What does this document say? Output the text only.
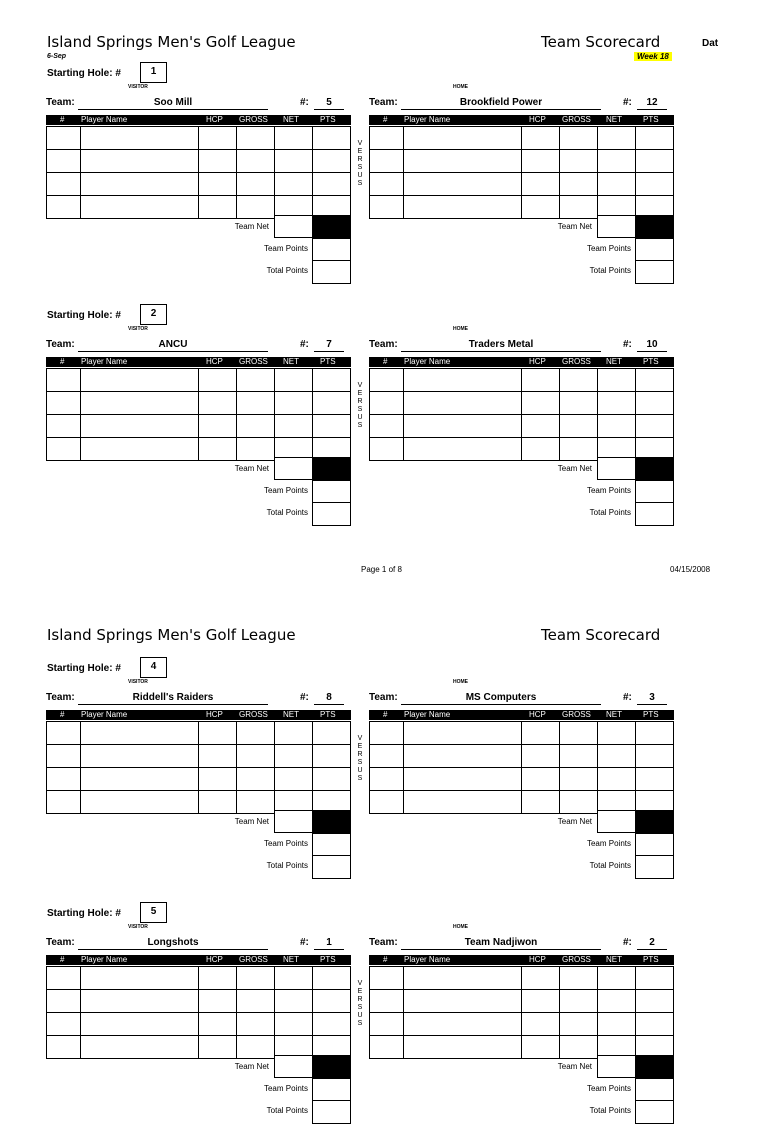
Island Springs Men's Golf League	Team Scorecard	Dat
6-Sep	Week 18
Island Springs Men's Golf League	Team Scorecard
Page 1 of 8	04/15/2008
Starting Hole: #	1
VISITOR	HOME
Team:	Soo Mill	#:	5
# Player Name	HCP GROSS NET	PTS
Team Net
Team Points
Total Points
V
E
R
S
U
S
Team:	Brookfield Power	#:	12
# Player Name	HCP GROSS NET	PTS
Team Net
Team Points
Total Points
Starting Hole: #	2
VISITOR	HOME
Team:	ANCU	#:	7
# Player Name	HCP GROSS NET	PTS
Team Net
Team Points
Total Points
V
E
R
S
U
S
Team:	Traders Metal	#:	10
# Player Name	HCP GROSS NET	PTS
Team Net
Team Points
Total Points
Starting Hole: #	4
VISITOR	HOME
Team:	Riddell's Raiders	#:	8
# Player Name	HCP GROSS NET	PTS
Team Net
Team Points
Total Points
V
E
R
S
U
S
Team:	MS Computers	#:	3
# Player Name	HCP GROSS NET	PTS
Team Net
Team Points
Total Points
Starting Hole: #	5
VISITOR	HOME
Team:	Longshots	#:	1
# Player Name	HCP GROSS NET	PTS
Team Net
Team Points
Total Points
V
E
R
S
U
S
Team:	Team Nadjiwon	#:	2
# Player Name	HCP GROSS NET	PTS
Team Net
Team Points
Total Points
